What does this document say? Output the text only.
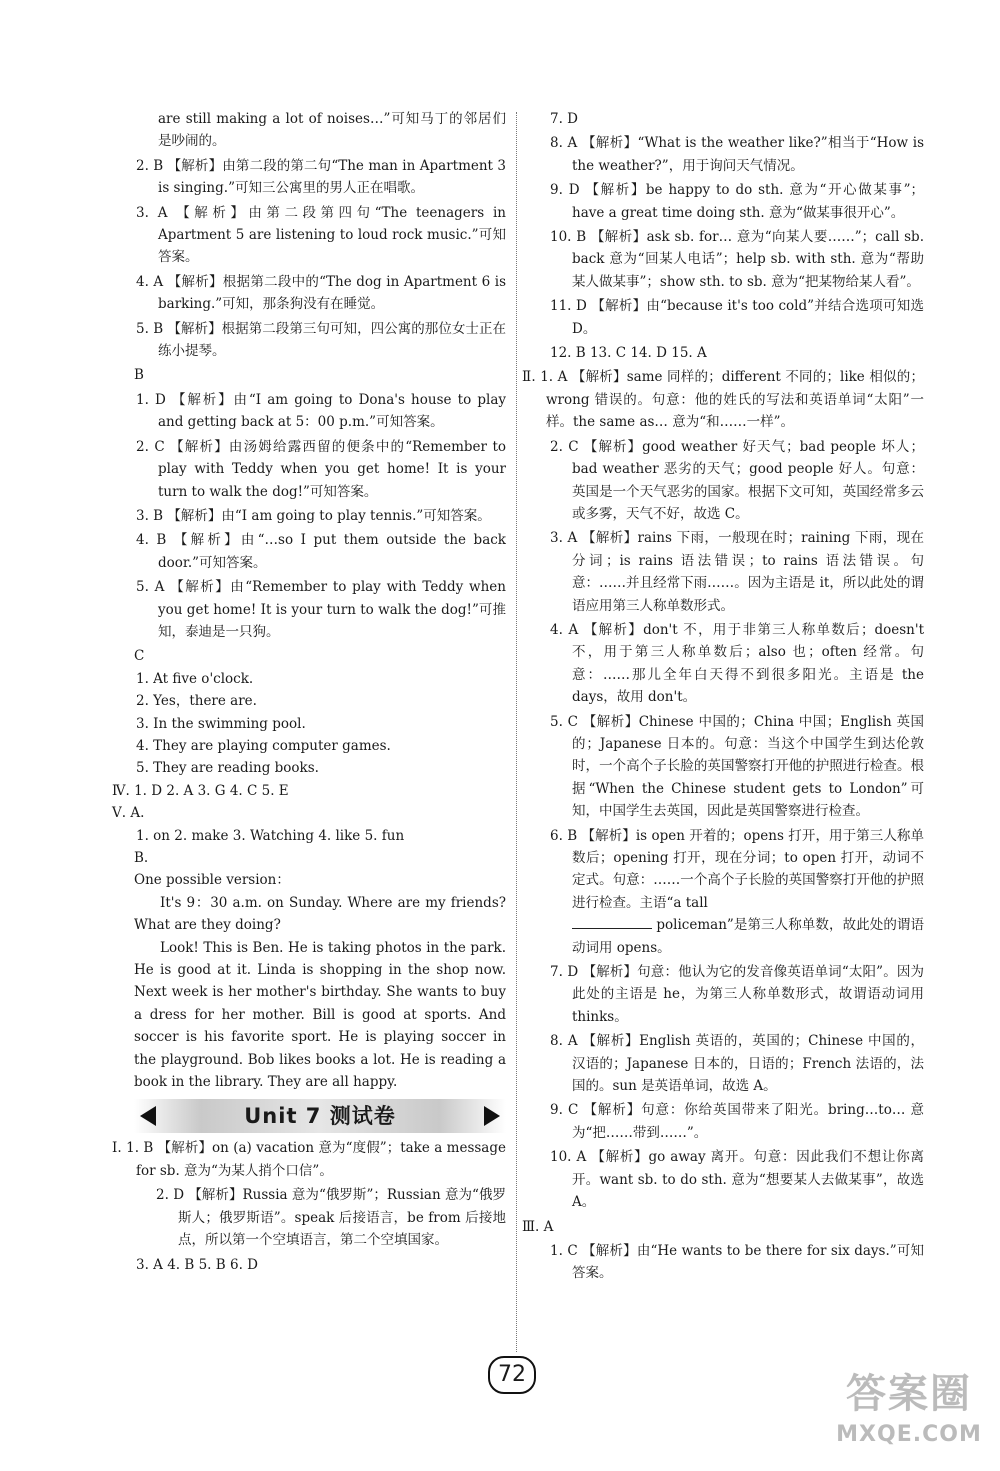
are still making a lot of noises…”可知马丁的邻居们是吵闹的。
2. B 【解析】由第二段的第二句“The man in Apartment 3 is singing.”可知三公寓里的男人正在唱歌。
3. A 【解析】由第二段第四句“The teenagers in Apartment 5 are listening to loud rock music.”可知答案。
4. A 【解析】根据第二段中的“The dog in Apartment 6 is barking.”可知，那条狗没有在睡觉。
5. B 【解析】根据第二段第三句可知，四公寓的那位女士正在练小提琴。
B
1. D 【解析】由“I am going to Dona's house to play and getting back at 5：00 p.m.”可知答案。
2. C 【解析】由汤姆给露西留的便条中的“Remember to play with Teddy when you get home! It is your turn to walk the dog!”可知答案。
3. B 【解析】由“I am going to play tennis.”可知答案。
4. B 【解析】由“…so I put them outside the back door.”可知答案。
5. A 【解析】由“Remember to play with Teddy when you get home! It is your turn to walk the dog!”可推知，泰迪是一只狗。
C
1. At five o'clock.
2. Yes，there are.
3. In the swimming pool.
4. They are playing computer games.
5. They are reading books.
Ⅳ. 1. D 2. A 3. G 4. C 5. E
Ⅴ. A.
1. on 2. make 3. Watching 4. like 5. fun
B.
One possible version：
It's 9：30 a.m. on Sunday. Where are my friends? What are they doing?
Look! This is Ben. He is taking photos in the park. He is good at it. Linda is shopping in the shop now. Next week is her mother's birthday. She wants to buy a dress for her mother. Bill is good at sports. And soccer is his favorite sport. He is playing soccer in the playground. Bob likes books a lot. He is reading a book in the library. They are all happy.
Unit 7 测试卷
Ⅰ. 1. B 【解析】on (a) vacation 意为“度假”；take a message for sb. 意为“为某人捎个口信”。
2. D 【解析】Russia 意为“俄罗斯”；Russian 意为“俄罗斯人；俄罗斯语”。speak 后接语言，be from 后接地点，所以第一个空填语言，第二个空填国家。
3. A 4. B 5. B 6. D
7. D
8. A 【解析】“What is the weather like?”相当于“How is the weather?”，用于询问天气情况。
9. D 【解析】be happy to do sth. 意为“开心做某事”；have a great time doing sth. 意为“做某事很开心”。
10. B 【解析】ask sb. for… 意为“向某人要……”；call sb. back 意为“回某人电话”；help sb. with sth. 意为“帮助某人做某事”；show sth. to sb. 意为“把某物给某人看”。
11. D 【解析】由“because it's too cold”并结合选项可知选 D。
12. B 13. C 14. D 15. A
Ⅱ. 1. A 【解析】same 同样的；different 不同的；like 相似的；wrong 错误的。句意：他的姓氏的写法和英语单词“太阳”一样。the same as… 意为“和……一样”。
2. C 【解析】good weather 好天气；bad people 坏人；bad weather 恶劣的天气；good people 好人。句意：英国是一个天气恶劣的国家。根据下文可知，英国经常多云或多雾，天气不好，故选 C。
3. A 【解析】rains 下雨，一般现在时；raining 下雨，现在分词；is rains 语法错误；to rains 语法错误。句意：……并且经常下雨……。因为主语是 it，所以此处的谓语应用第三人称单数形式。
4. A 【解析】don't 不，用于非第三人称单数后；doesn't 不，用于第三人称单数后；also 也；often 经常。句意：……那儿全年白天得不到很多阳光。主语是 the days，故用 don't。
5. C 【解析】Chinese 中国的；China 中国；English 英国的；Japanese 日本的。句意：当这个中国学生到达伦敦时，一个高个子长脸的英国警察打开他的护照进行检查。根据“When the Chinese student gets to London”可知，中国学生去英国，因此是英国警察进行检查。
6. B 【解析】is open 开着的；opens 打开，用于第三人称单数后；opening 打开，现在分词；to open 打开，动词不定式。句意：……一个高个子长脸的英国警察打开他的护照进行检查。主语“a tall
policeman”是第三人称单数，故此处的谓语动词用 opens。
7. D 【解析】句意：他认为它的发音像英语单词“太阳”。因为此处的主语是 he，为第三人称单数形式，故谓语动词用 thinks。
8. A 【解析】English 英语的，英国的；Chinese 中国的，汉语的；Japanese 日本的，日语的；French 法语的，法国的。sun 是英语单词，故选 A。
9. C 【解析】句意：你给英国带来了阳光。bring…to… 意为“把……带到……”。
10. A 【解析】go away 离开。句意：因此我们不想让你离开。want sb. to do sth. 意为“想要某人去做某事”，故选 A。
Ⅲ. A
1. C 【解析】由“He wants to be there for six days.”可知答案。
72	答案圈
MXQE.COM
